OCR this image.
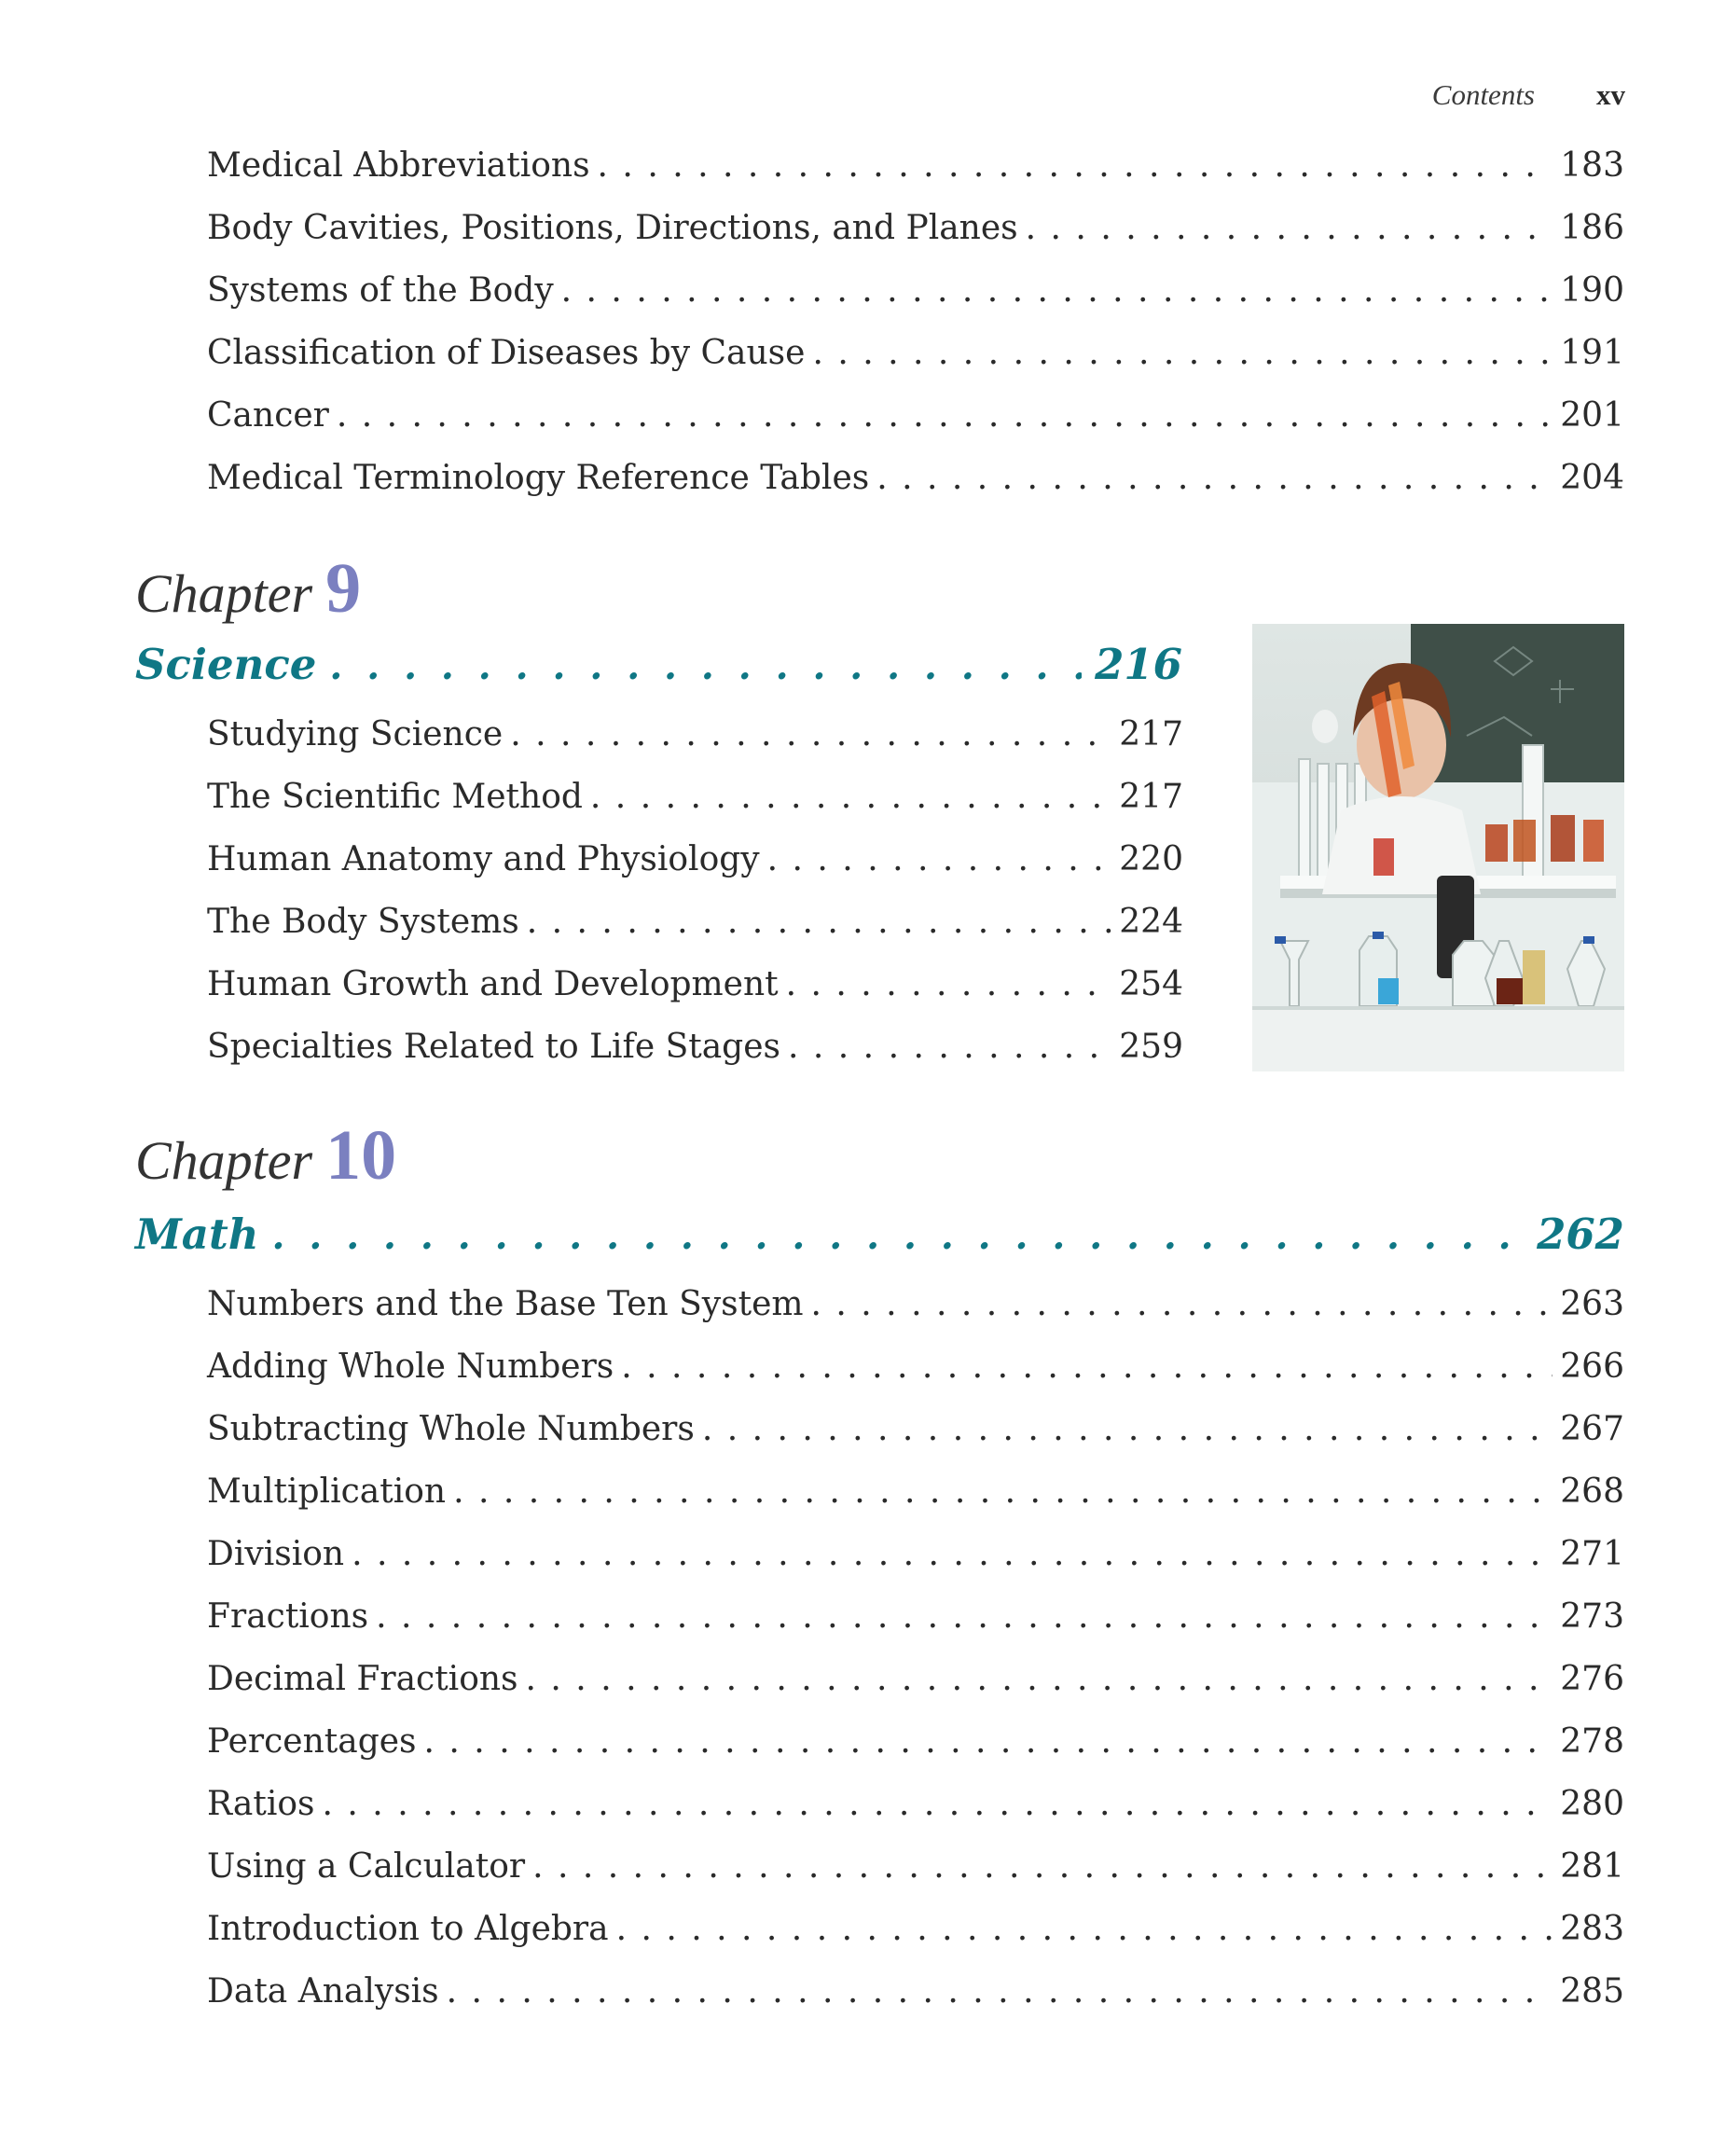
Contents xv
Medical Abbreviations . . .	183
Body Cavities, Positions, Directions, and Planes . . .	186
Systems of the Body . . .	190
Classification of Diseases by Cause . . .	191
Cancer . . .	201
Medical Terminology Reference Tables . . .	204
Chapter 9
Science . . .	216
Studying Science . . .	217
The Scientific Method . . .	217
Human Anatomy and Physiology . . .	220
The Body Systems . . .	224
Human Growth and Development . . .	254
Specialties Related to Life Stages . . .	259
Chapter 10
Math . . .	262
Numbers and the Base Ten System . . .	263
Adding Whole Numbers . . .	266
Subtracting Whole Numbers . . .	267
Multiplication . . .	268
Division . . .	271
Fractions . . .	273
Decimal Fractions . . .	276
Percentages . . .	278
Ratios . . .	280
Using a Calculator . . .	281
Introduction to Algebra . . .	283
Data Analysis . . .	285
